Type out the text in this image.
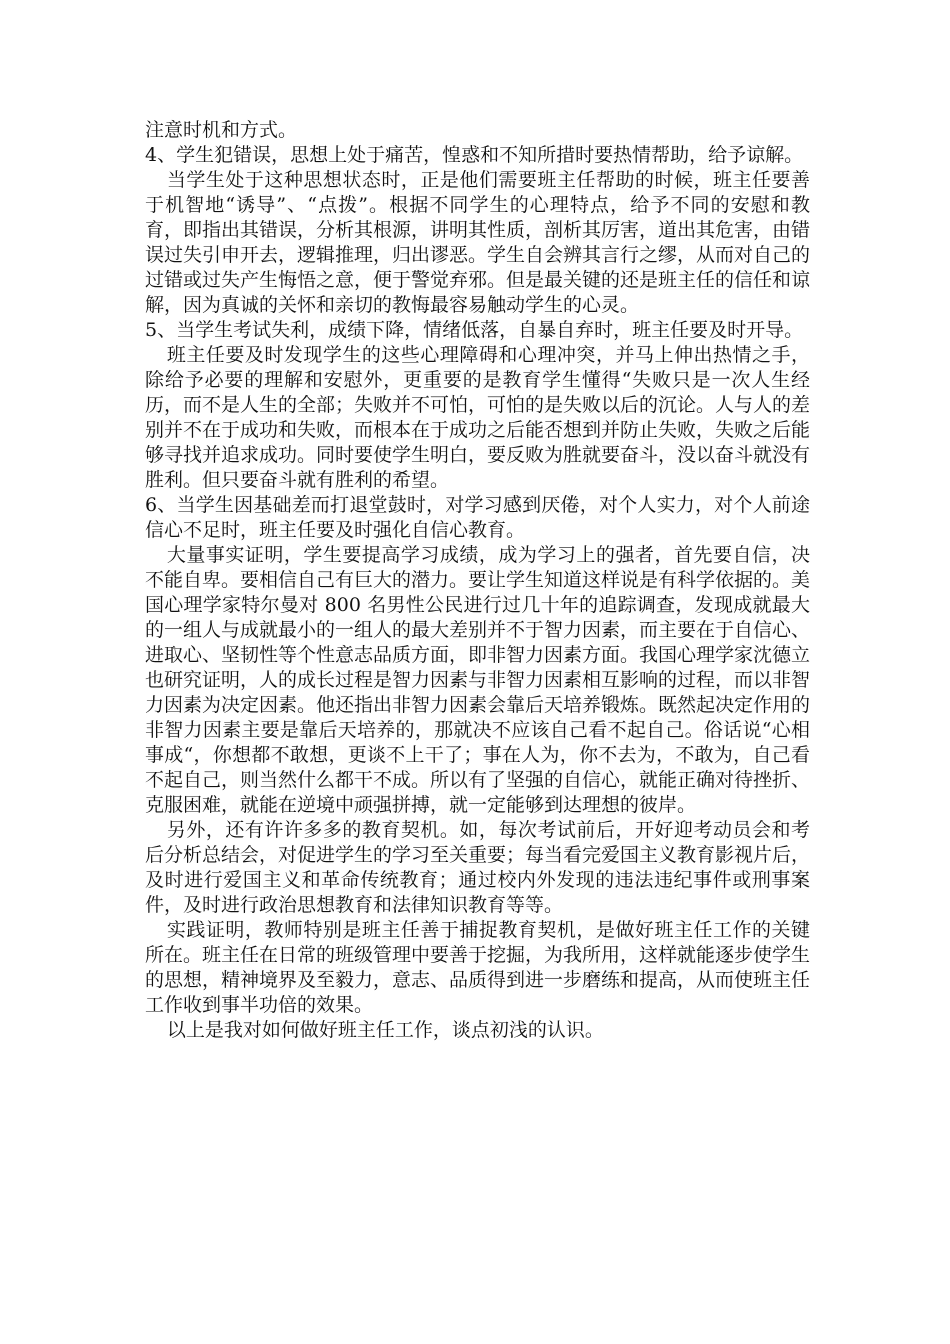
注意时机和方式。

4、学生犯错误，思想上处于痛苦，惶惑和不知所措时要热情帮助，给予谅解。

当学生处于这种思想状态时，正是他们需要班主任帮助的时候，班主任要善于机智地“诱导”、“点拨”。根据不同学生的心理特点，给予不同的安慰和教育，即指出其错误，分析其根源，讲明其性质，剖析其厉害，道出其危害，由错误过失引申开去，逻辑推理，归出谬恶。学生自会辨其言行之缪，从而对自己的过错或过失产生悔悟之意，便于警觉弃邪。但是最关键的还是班主任的信任和谅解，因为真诚的关怀和亲切的教悔最容易触动学生的心灵。

5、当学生考试失利，成绩下降，情绪低落，自暴自弃时，班主任要及时开导。

班主任要及时发现学生的这些心理障碍和心理冲突，并马上伸出热情之手，除给予必要的理解和安慰外，更重要的是教育学生懂得“失败只是一次人生经历，而不是人生的全部；失败并不可怕，可怕的是失败以后的沉论。人与人的差别并不在于成功和失败，而根本在于成功之后能否想到并防止失败，失败之后能够寻找并追求成功。同时要使学生明白，要反败为胜就要奋斗，没以奋斗就没有胜利。但只要奋斗就有胜利的希望。

6、当学生因基础差而打退堂鼓时，对学习感到厌倦，对个人实力，对个人前途信心不足时，班主任要及时强化自信心教育。

大量事实证明，学生要提高学习成绩，成为学习上的强者，首先要自信，决不能自卑。要相信自己有巨大的潜力。要让学生知道这样说是有科学依据的。美国心理学家特尔曼对 800 名男性公民进行过几十年的追踪调查，发现成就最大的一组人与成就最小的一组人的最大差别并不于智力因素，而主要在于自信心、进取心、坚韧性等个性意志品质方面，即非智力因素方面。我国心理学家沈德立也研究证明，人的成长过程是智力因素与非智力因素相互影响的过程，而以非智力因素为决定因素。他还指出非智力因素会靠后天培养锻炼。既然起决定作用的非智力因素主要是靠后天培养的，那就决不应该自己看不起自己。俗话说“心相事成“，你想都不敢想，更谈不上干了；事在人为，你不去为，不敢为，自己看不起自己，则当然什么都干不成。所以有了坚强的自信心，就能正确对待挫折、克服困难，就能在逆境中顽强拼搏，就一定能够到达理想的彼岸。

另外，还有许许多多的教育契机。如，每次考试前后，开好迎考动员会和考后分析总结会，对促进学生的学习至关重要；每当看完爱国主义教育影视片后，及时进行爱国主义和革命传统教育；通过校内外发现的违法违纪事件或刑事案件，及时进行政治思想教育和法律知识教育等等。

实践证明，教师特别是班主任善于捕捉教育契机，是做好班主任工作的关键所在。班主任在日常的班级管理中要善于挖掘，为我所用，这样就能逐步使学生的思想，精神境界及至毅力，意志、品质得到进一步磨练和提高，从而使班主任工作收到事半功倍的效果。

以上是我对如何做好班主任工作，谈点初浅的认识。
